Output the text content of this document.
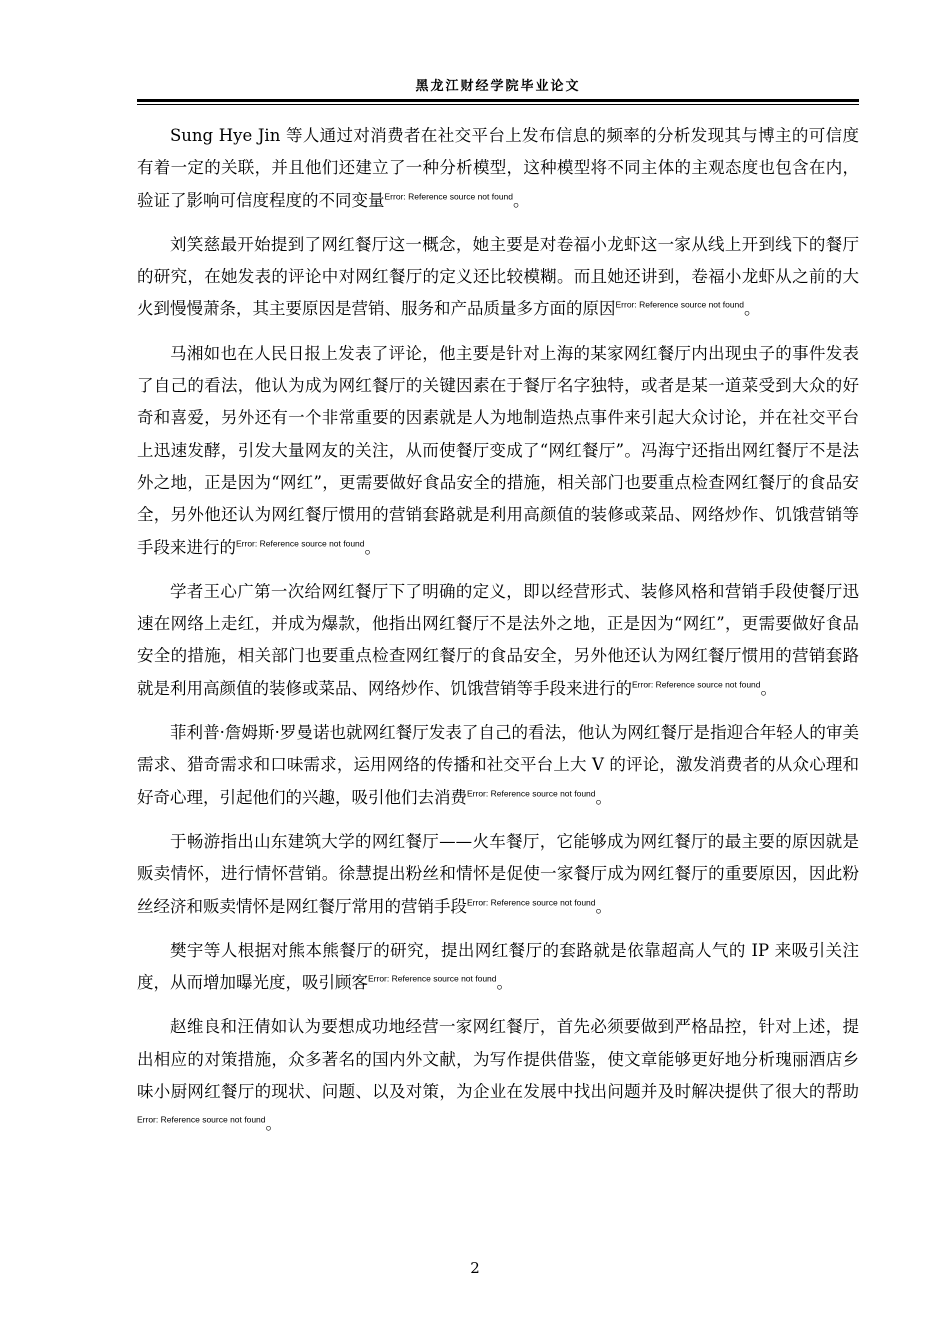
黑龙江财经学院毕业论文

Sung Hye Jin 等人通过对消费者在社交平台上发布信息的频率的分析发现其与博主的可信度有着一定的关联，并且他们还建立了一种分析模型，这种模型将不同主体的主观态度也包含在内，验证了影响可信度程度的不同变量$^{Error: Reference source not found}$。

刘笑慈最开始提到了网红餐厅这一概念，她主要是对卷福小龙虾这一家从线上开到线下的餐厅的研究，在她发表的评论中对网红餐厅的定义还比较模糊。而且她还讲到，卷福小龙虾从之前的大火到慢慢萧条，其主要原因是营销、服务和产品质量多方面的原因$^{Error: Reference source not found}$。

马湘如也在人民日报上发表了评论，他主要是针对上海的某家网红餐厅内出现虫子的事件发表了自己的看法，他认为成为网红餐厅的关键因素在于餐厅名字独特，或者是某一道菜受到大众的好奇和喜爱，另外还有一个非常重要的因素就是人为地制造热点事件来引起大众讨论，并在社交平台上迅速发酵，引发大量网友的关注，从而使餐厅变成了“网红餐厅”。冯海宁还指出网红餐厅不是法外之地，正是因为“网红”，更需要做好食品安全的措施，相关部门也要重点检查网红餐厅的食品安全，另外他还认为网红餐厅惯用的营销套路就是利用高颜值的装修或菜品、网络炒作、饥饿营销等手段来进行的$^{Error: Reference source not found}$。

学者王心广第一次给网红餐厅下了明确的定义，即以经营形式、装修风格和营销手段使餐厅迅速在网络上走红，并成为爆款，他指出网红餐厅不是法外之地，正是因为“网红”，更需要做好食品安全的措施，相关部门也要重点检查网红餐厅的食品安全，另外他还认为网红餐厅惯用的营销套路就是利用高颜值的装修或菜品、网络炒作、饥饿营销等手段来进行的$^{Error: Reference source not found}$。

菲利普·詹姆斯·罗曼诺也就网红餐厅发表了自己的看法，他认为网红餐厅是指迎合年轻人的审美需求、猎奇需求和口味需求，运用网络的传播和社交平台上大 V 的评论，激发消费者的从众心理和好奇心理，引起他们的兴趣，吸引他们去消费$^{Error: Reference source not found}$。

于畅游指出山东建筑大学的网红餐厅——火车餐厅，它能够成为网红餐厅的最主要的原因就是贩卖情怀，进行情怀营销。徐慧提出粉丝和情怀是促使一家餐厅成为网红餐厅的重要原因，因此粉丝经济和贩卖情怀是网红餐厅常用的营销手段$^{Error: Reference source not found}$。

樊宇等人根据对熊本熊餐厅的研究，提出网红餐厅的套路就是依靠超高人气的 IP 来吸引关注度，从而增加曝光度，吸引顾客$^{Error: Reference source not found}$。

赵维良和汪倩如认为要想成功地经营一家网红餐厅，首先必须要做到严格品控，针对上述，提出相应的对策措施，众多著名的国内外文献，为写作提供借鉴，使文章能够更好地分析瑰丽酒店乡味小厨网红餐厅的现状、问题、以及对策，为企业在发展中找出问题并及时解决提供了很大的帮助$^{Error: Reference source not found}$。

2
